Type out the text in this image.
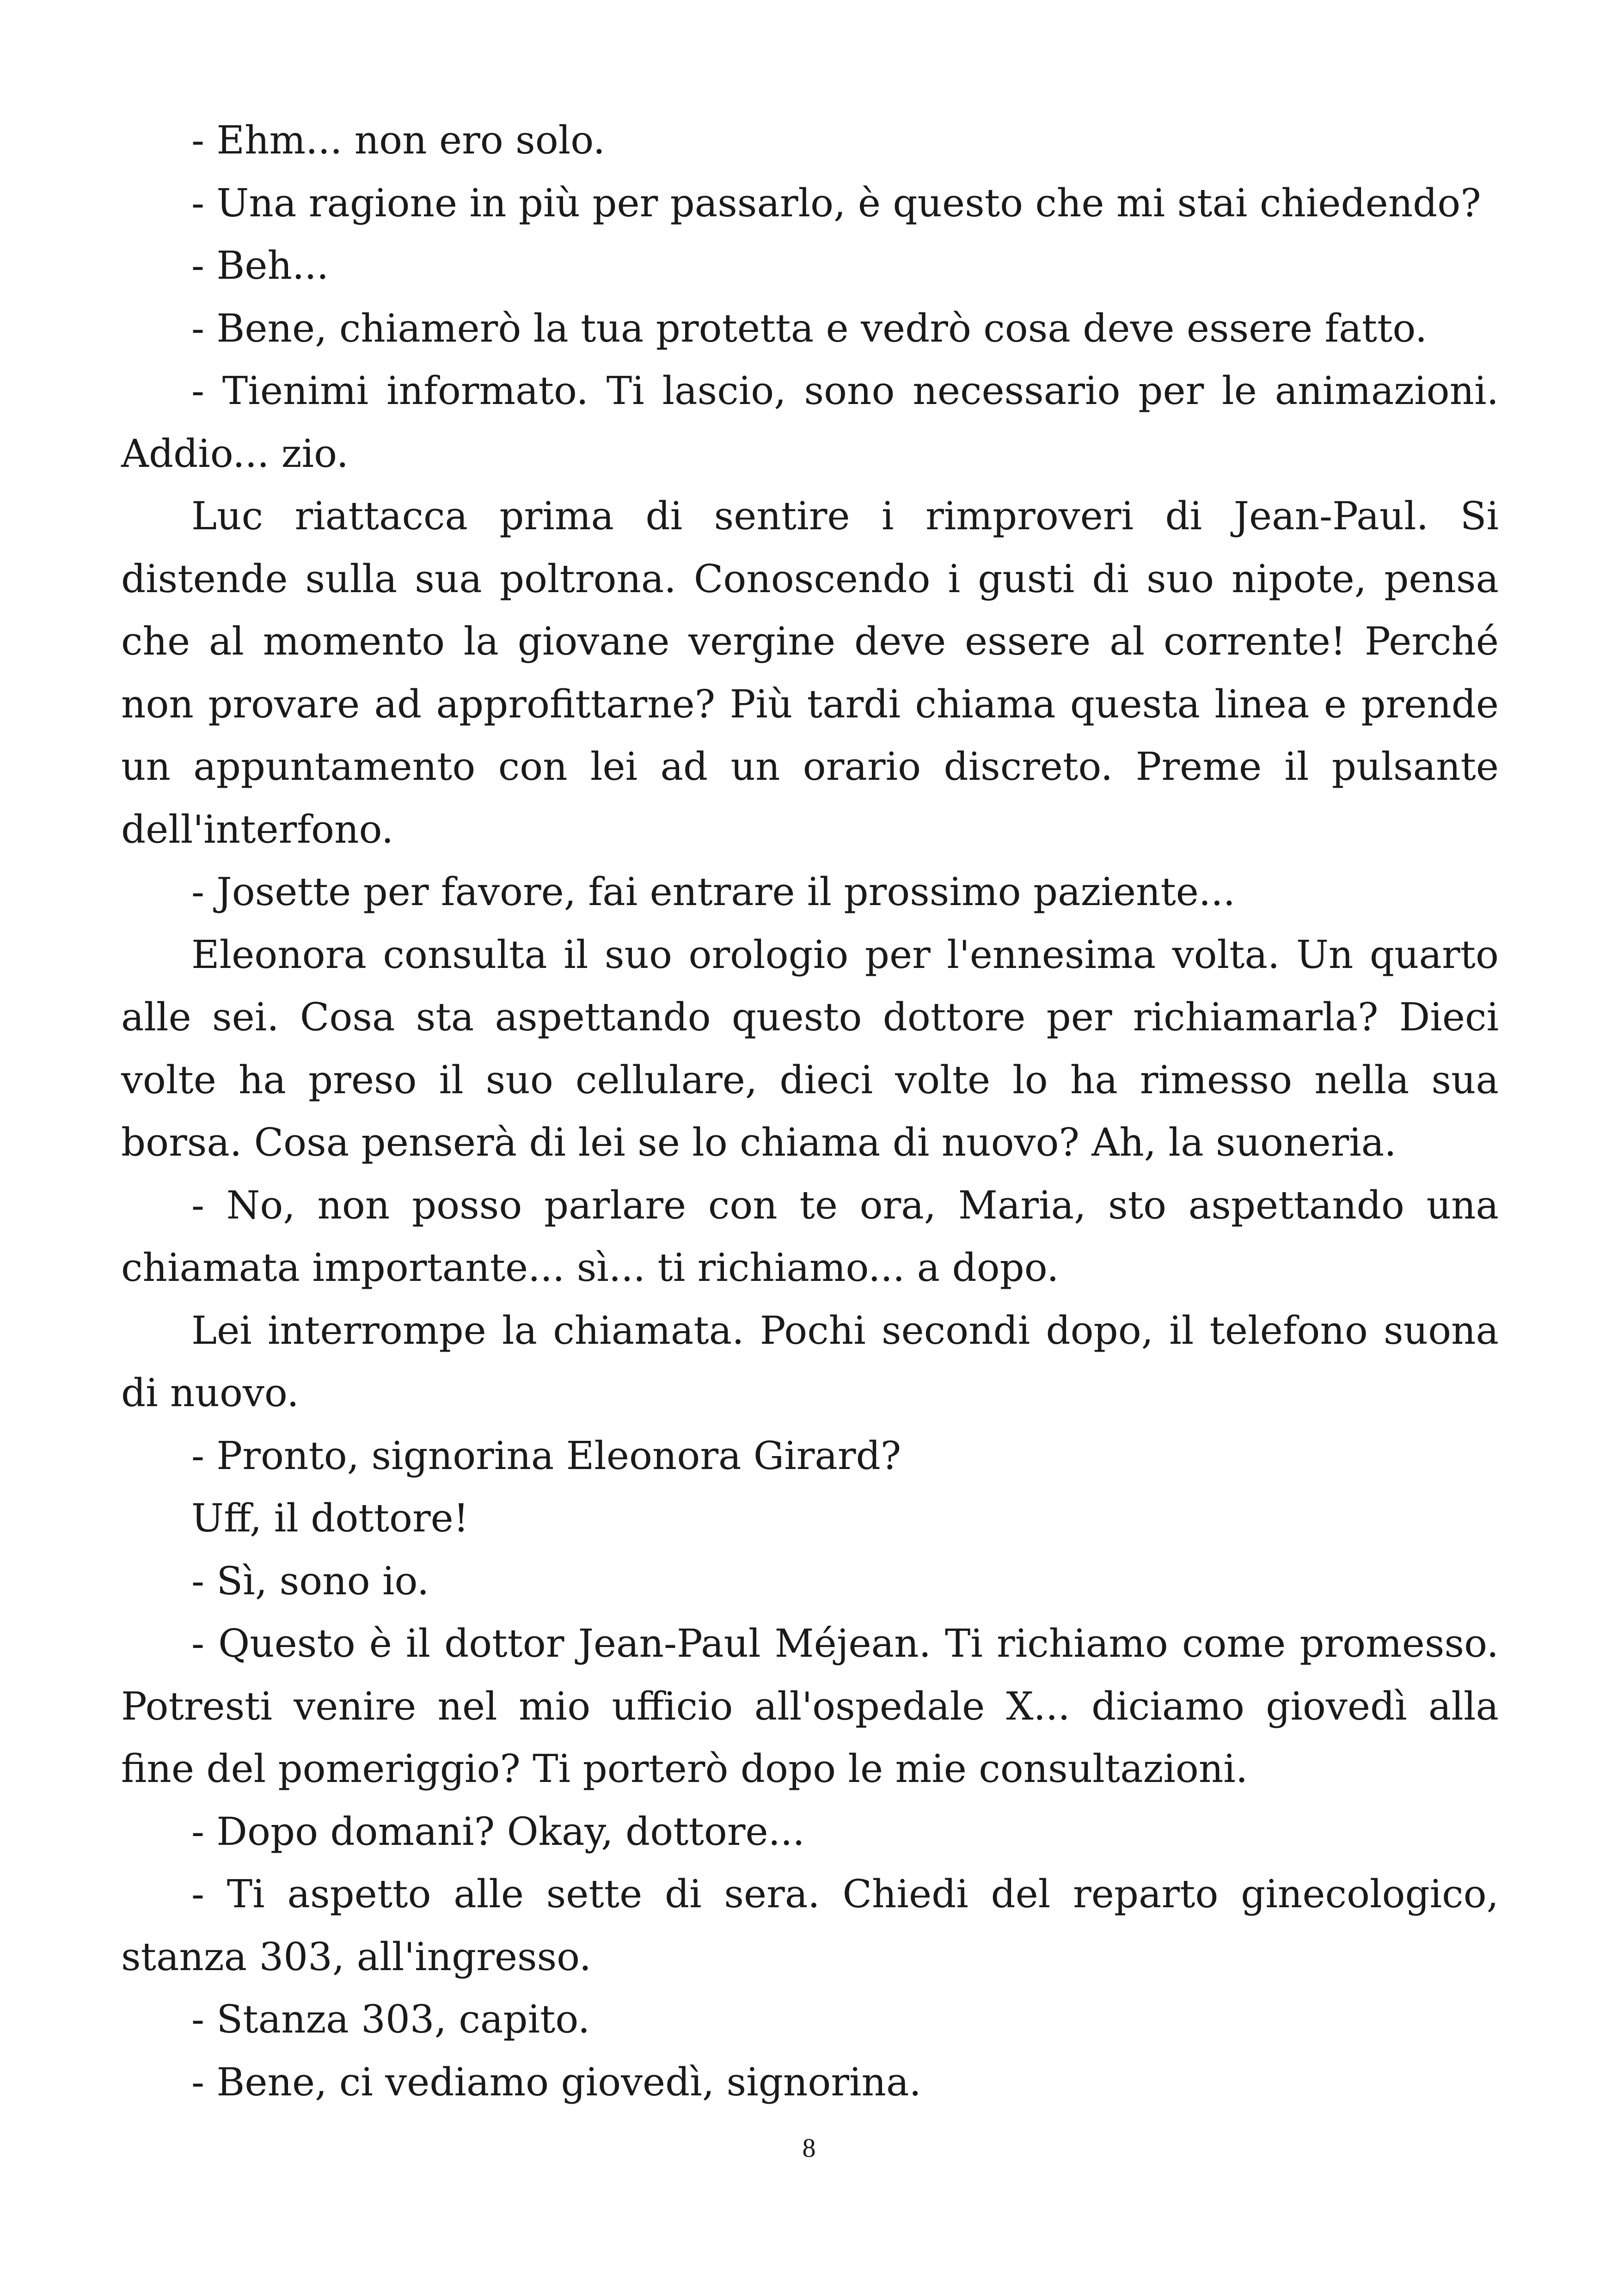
- Ehm... non ero solo.

- Una ragione in più per passarlo, è questo che mi stai chiedendo?

- Beh...

- Bene, chiamerò la tua protetta e vedrò cosa deve essere fatto.

- Tienimi informato. Ti lascio, sono necessario per le animazioni. Addio... zio.

Luc riattacca prima di sentire i rimproveri di Jean-Paul. Si distende sulla sua poltrona. Conoscendo i gusti di suo nipote, pensa che al momento la giovane vergine deve essere al corrente! Perché non provare ad approfittarne? Più tardi chiama questa linea e prende un appuntamento con lei ad un orario discreto. Preme il pulsante dell'interfono.

- Josette per favore, fai entrare il prossimo paziente...

Eleonora consulta il suo orologio per l'ennesima volta. Un quarto alle sei. Cosa sta aspettando questo dottore per richiamarla? Dieci volte ha preso il suo cellulare, dieci volte lo ha rimesso nella sua borsa. Cosa penserà di lei se lo chiama di nuovo? Ah, la suoneria.

- No, non posso parlare con te ora, Maria, sto aspettando una chiamata importante... sì... ti richiamo... a dopo.

Lei interrompe la chiamata. Pochi secondi dopo, il telefono suona di nuovo.

- Pronto, signorina Eleonora Girard?

Uff, il dottore!

- Sì, sono io.

- Questo è il dottor Jean-Paul Méjean. Ti richiamo come promesso. Potresti venire nel mio ufficio all'ospedale X... diciamo giovedì alla fine del pomeriggio? Ti porterò dopo le mie consultazioni.

- Dopo domani? Okay, dottore...

- Ti aspetto alle sette di sera. Chiedi del reparto ginecologico, stanza 303, all'ingresso.

- Stanza 303, capito.

- Bene, ci vediamo giovedì, signorina.

8
